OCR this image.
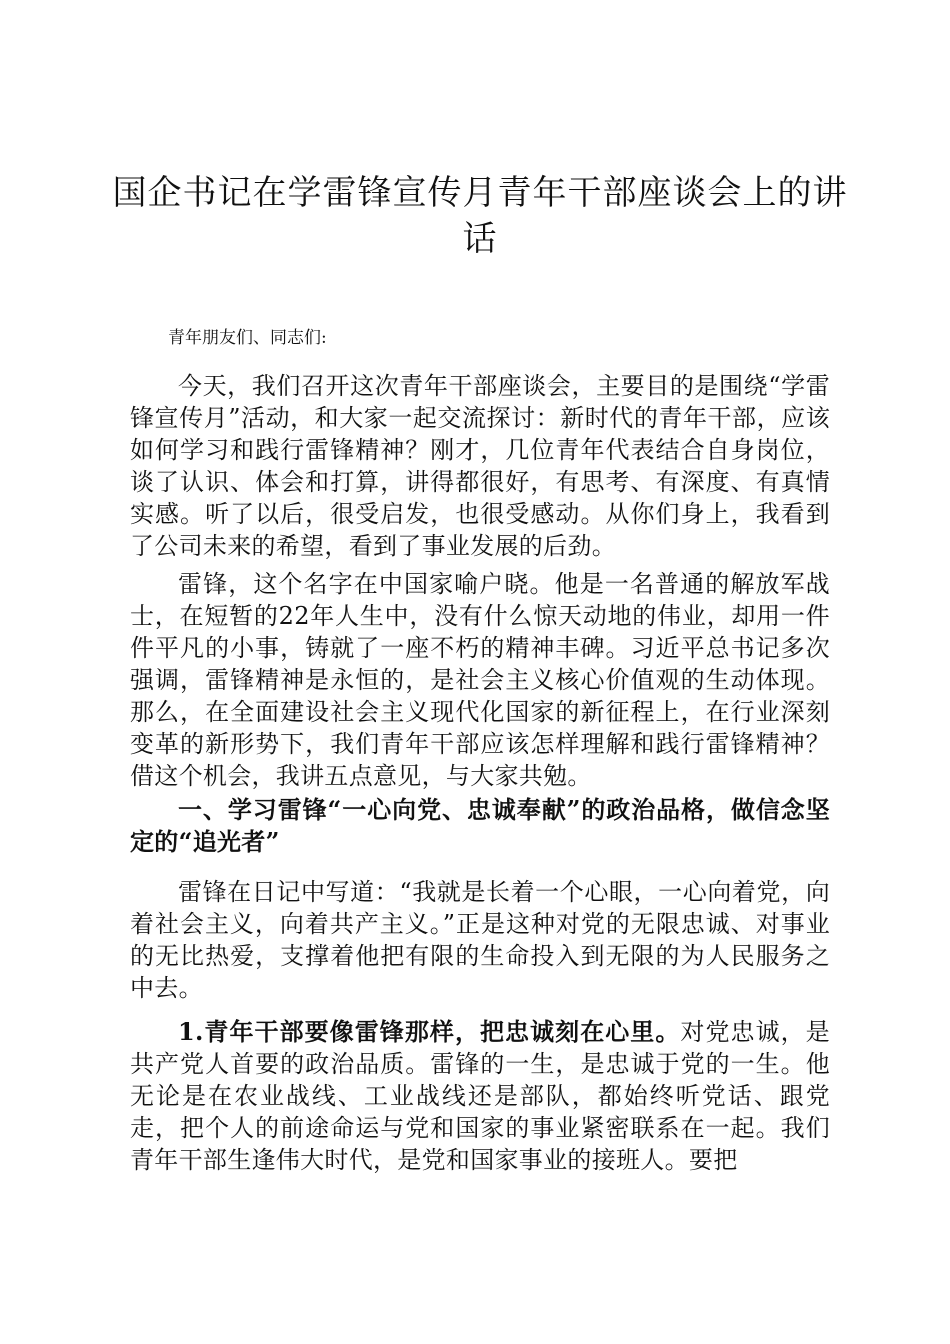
国企书记在学雷锋宣传月青年干部座谈会上的讲话

青年朋友们、同志们:

今天，我们召开这次青年干部座谈会，主要目的是围绕“学雷锋宣传月”活动，和大家一起交流探讨：新时代的青年干部，应该如何学习和践行雷锋精神？刚才，几位青年代表结合自身岗位，谈了认识、体会和打算，讲得都很好，有思考、有深度、有真情实感。听了以后，很受启发，也很受感动。从你们身上，我看到了公司未来的希望，看到了事业发展的后劲。

雷锋，这个名字在中国家喻户晓。他是一名普通的解放军战士，在短暂的22年人生中，没有什么惊天动地的伟业，却用一件件平凡的小事，铸就了一座不朽的精神丰碑。习近平总书记多次强调，雷锋精神是永恒的，是社会主义核心价值观的生动体现。那么，在全面建设社会主义现代化国家的新征程上，在行业深刻变革的新形势下，我们青年干部应该怎样理解和践行雷锋精神？借这个机会，我讲五点意见，与大家共勉。

一、学习雷锋“一心向党、忠诚奉献”的政治品格，做信念坚定的“追光者”

雷锋在日记中写道：“我就是长着一个心眼，一心向着党，向着社会主义，向着共产主义。”正是这种对党的无限忠诚、对事业的无比热爱，支撑着他把有限的生命投入到无限的为人民服务之中去。

1.青年干部要像雷锋那样，把忠诚刻在心里。对党忠诚，是共产党人首要的政治品质。雷锋的一生，是忠诚于党的一生。他无论是在农业战线、工业战线还是部队，都始终听党话、跟党走，把个人的前途命运与党和国家的事业紧密联系在一起。我们青年干部生逢伟大时代，是党和国家事业的接班人。要把
